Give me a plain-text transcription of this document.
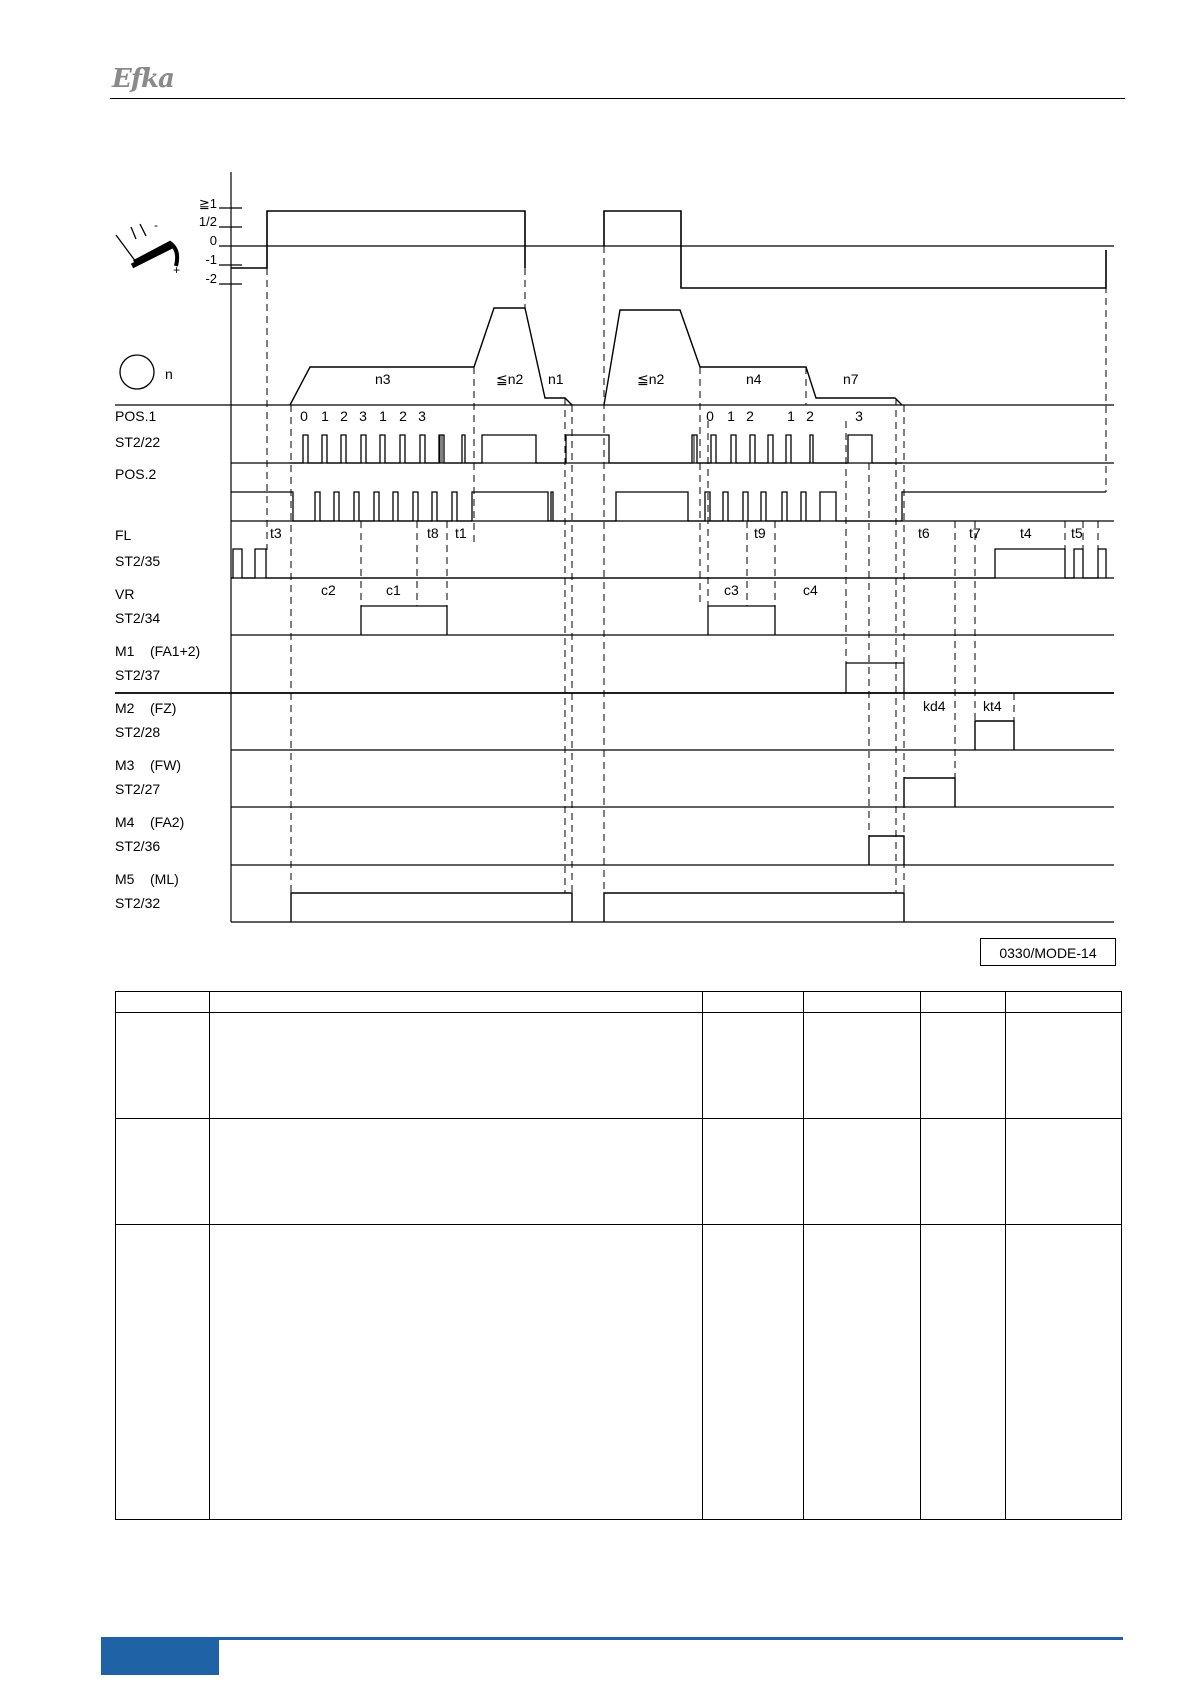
Efka
-
+
≧1
1/2
0
-1
-2
n
POS.1
ST2/22
POS.2
FL
ST2/35
VR
ST2/34
M1    (FA1+2)
ST2/37
M2    (FZ)
ST2/28
M3    (FW)
ST2/27
M4    (FA2)
ST2/36
M5    (ML)
ST2/32
n3	≦n2 n1	≦n2	n4	n7
0 1 2 3 1 2 3	0 1 2 1 2	3
t3	t8 t1	t9	t6	t7	t4	t5
c2	c1	c3	c4
kd4	kt4
0330/MODE-14
